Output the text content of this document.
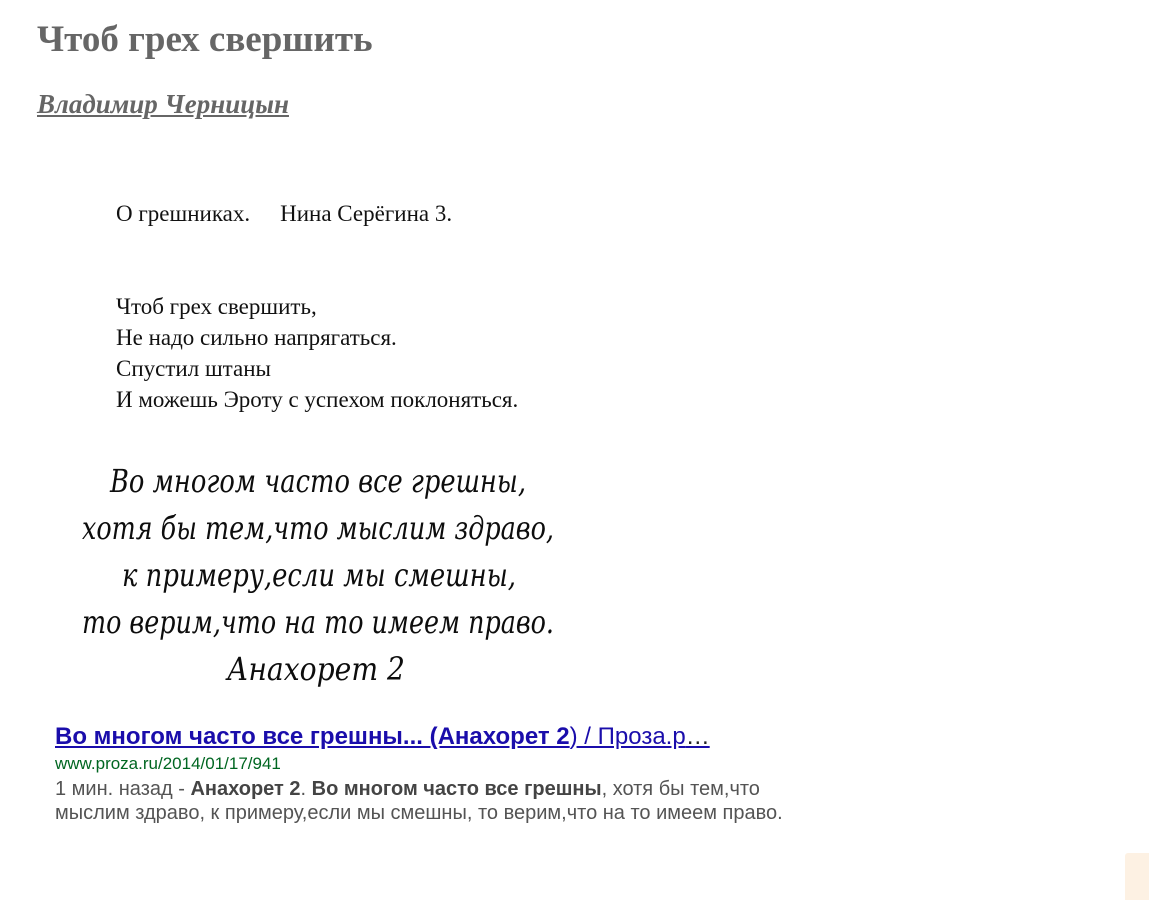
Чтоб грех свершить
Владимир Черницын
О грешниках. Нина Серёгина 3.
Чтоб грех свершить,
Не надо сильно напрягаться.
Спустил штаны
И можешь Эроту с успехом поклоняться.
Во многом часто все грешны,
хотя бы тем,что мыслим здраво,
к примеру,если мы смешны,
то верим,что на то имеем право.
Анахорет 2
Во многом часто все грешны... (Анахорет 2) / Проза.р…
www.proza.ru/2014/01/17/941
1 мин. назад - Анахорет 2. Во многом часто все грешны, хотя бы тем,что мыслим здраво, к примеру,если мы смешны, то верим,что на то имеем право.
